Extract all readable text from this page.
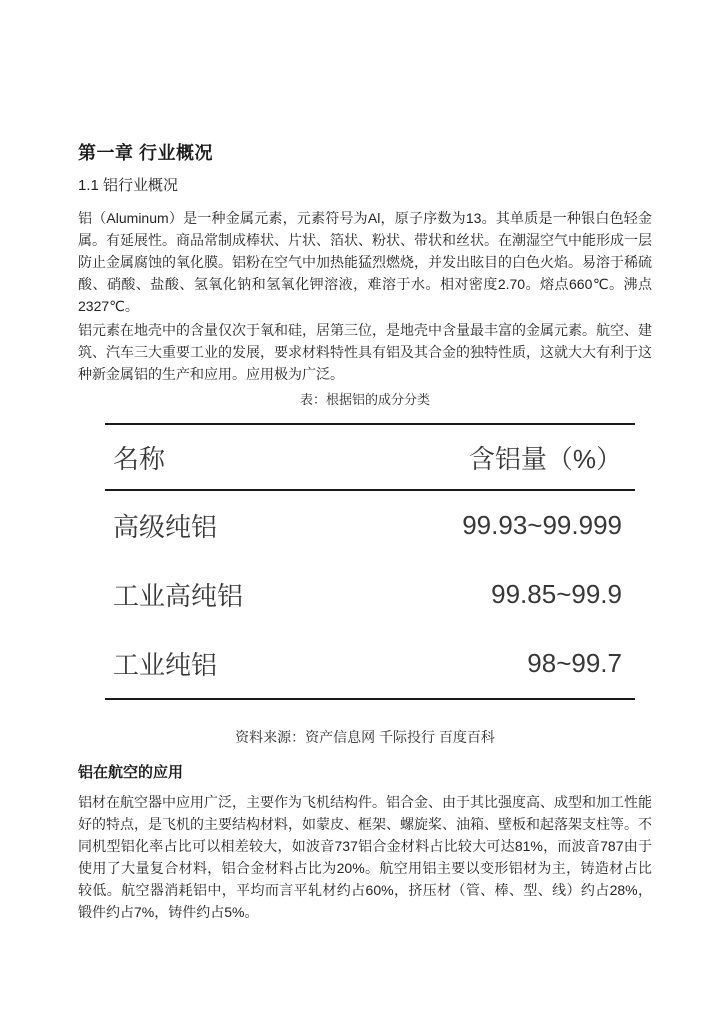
第一章 行业概况
1.1 铝行业概况
铝（Aluminum）是一种金属元素，元素符号为Al，原子序数为13。其单质是一种银白色轻金属。有延展性。商品常制成棒状、片状、箔状、粉状、带状和丝状。在潮湿空气中能形成一层防止金属腐蚀的氧化膜。铝粉在空气中加热能猛烈燃烧，并发出眩目的白色火焰。易溶于稀硫酸、硝酸、盐酸、氢氧化钠和氢氧化钾溶液，难溶于水。相对密度2.70。熔点660℃。沸点2327℃。
铝元素在地壳中的含量仅次于氧和硅，居第三位，是地壳中含量最丰富的金属元素。航空、建筑、汽车三大重要工业的发展，要求材料特性具有铝及其合金的独特性质，这就大大有利于这种新金属铝的生产和应用。应用极为广泛。
表：根据铝的成分分类
名称	含铝量（%）
高级纯铝	99.93~99.999
工业高纯铝	99.85~99.9
工业纯铝	98~99.7
资料来源：资产信息网 千际投行 百度百科
铝在航空的应用
铝材在航空器中应用广泛，主要作为飞机结构件。铝合金、由于其比强度高、成型和加工性能好的特点，是飞机的主要结构材料，如蒙皮、框架、螺旋桨、油箱、壁板和起落架支柱等。不同机型铝化率占比可以相差较大，如波音737铝合金材料占比较大可达81%，而波音787由于使用了大量复合材料，铝合金材料占比为20%。航空用铝主要以变形铝材为主，铸造材占比较低。航空器消耗铝中，平均而言平轧材约占60%，挤压材（管、棒、型、线）约占28%，锻件约占7%，铸件约占5%。
